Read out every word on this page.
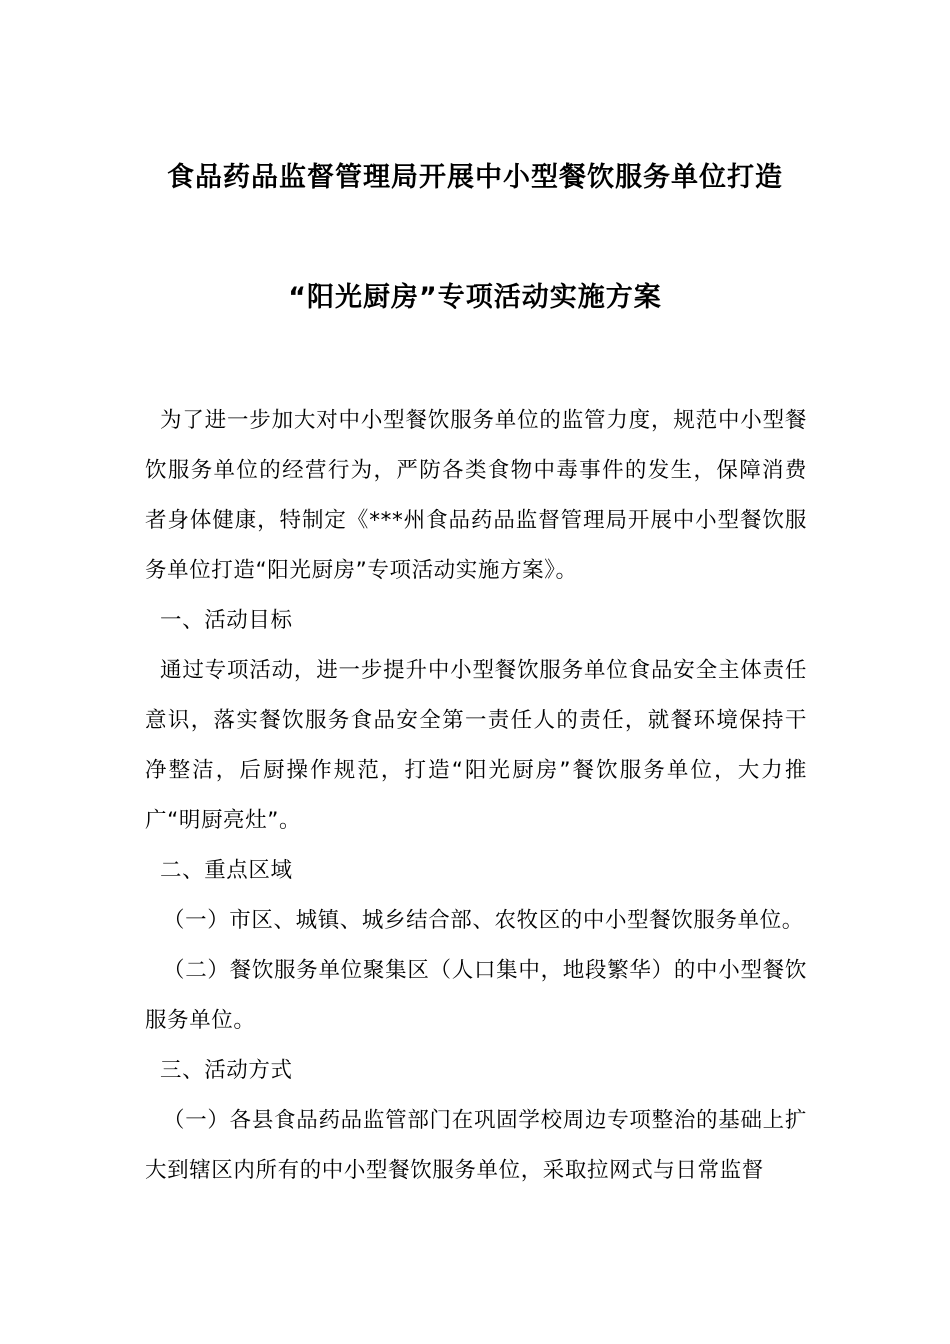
食品药品监督管理局开展中小型餐饮服务单位打造
“阳光厨房”专项活动实施方案

为了进一步加大对中小型餐饮服务单位的监管力度，规范中小型餐饮服务单位的经营行为，严防各类食物中毒事件的发生，保障消费者身体健康，特制定《***州食品药品监督管理局开展中小型餐饮服务单位打造“阳光厨房”专项活动实施方案》。

一、活动目标

通过专项活动，进一步提升中小型餐饮服务单位食品安全主体责任意识，落实餐饮服务食品安全第一责任人的责任，就餐环境保持干净整洁，后厨操作规范，打造“阳光厨房”餐饮服务单位，大力推广“明厨亮灶”。

二、重点区域

（一）市区、城镇、城乡结合部、农牧区的中小型餐饮服务单位。

（二）餐饮服务单位聚集区（人口集中，地段繁华）的中小型餐饮服务单位。

三、活动方式

（一）各县食品药品监管部门在巩固学校周边专项整治的基础上扩大到辖区内所有的中小型餐饮服务单位，采取拉网式与日常监督
